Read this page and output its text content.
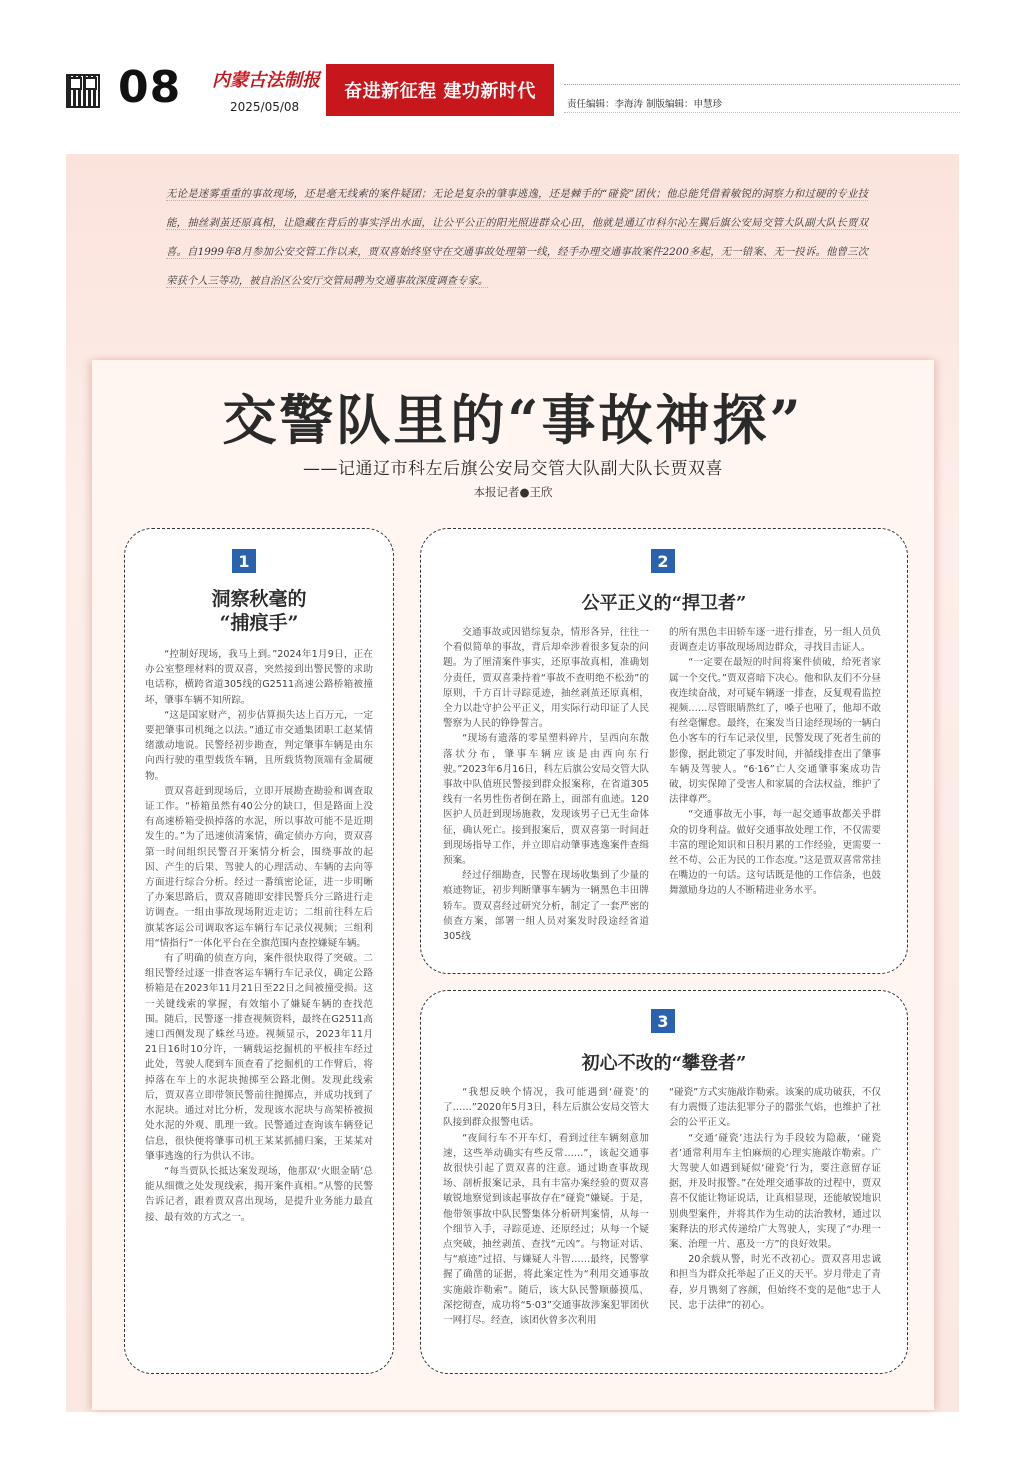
08 内蒙古法制报
2025/05/08
奋进新征程 建功新时代
责任编辑：李海涛 制版编辑：申慧珍
无论是迷雾重重的事故现场，还是毫无线索的案件疑团；无论是复杂的肇事逃逸，还是棘手的“碰瓷”团伙；他总能凭借着敏锐的洞察力和过硬的专业技能，抽丝剥茧还原真相，让隐藏在背后的事实浮出水面，让公平公正的阳光照进群众心田，他就是通辽市科尔沁左翼后旗公安局交管大队副大队长贾双喜。自1999年8月参加公安交管工作以来，贾双喜始终坚守在交通事故处理第一线，经手办理交通事故案件2200多起，无一错案、无一投诉。他曾三次荣获个人三等功，被自治区公安厅交管局聘为交通事故深度调查专家。
交警队里的“事故神探”
——记通辽市科左后旗公安局交管大队副大队长贾双喜
本报记者●王欣
1
洞察秋毫的
“捕痕手”

“控制好现场，我马上到。”2024年1月9日，正在办公室整理材料的贾双喜，突然接到出警民警的求助电话称，横跨省道305线的G2511高速公路桥箱被撞坏，肇事车辆不知所踪。

“这是国家财产，初步估算损失达上百万元，一定要把肇事司机绳之以法。”通辽市交通集团职工赵某情绪激动地说。民警经初步勘查，判定肇事车辆是由东向西行驶的重型载货车辆，且所载货物顶端有金属硬物。

贾双喜赶到现场后，立即开展勘查勘验和调查取证工作。“桥箱虽然有40公分的缺口，但是路面上没有高速桥箱受损掉落的水泥，所以事故可能不是近期发生的。”为了迅速侦清案情，确定侦办方向，贾双喜第一时间组织民警召开案情分析会，围绕事故的起因、产生的后果、驾驶人的心理活动、车辆的去向等方面进行综合分析。经过一番缜密论证，进一步明晰了办案思路后，贾双喜随即安排民警兵分三路进行走访调查。一组由事故现场附近走访；二组前往科左后旗某客运公司调取客运车辆行车记录仪视频；三组利用“情指行”一体化平台在全旗范围内查控嫌疑车辆。

有了明确的侦查方向，案件很快取得了突破。二组民警经过逐一排查客运车辆行车记录仪，确定公路桥箱是在2023年11月21日至22日之间被撞受损。这一关键线索的掌握，有效缩小了嫌疑车辆的查找范围。随后，民警逐一排查视频资料，最终在G2511高速口西侧发现了蛛丝马迹。视频显示，2023年11月21日16时10分许，一辆载运挖掘机的平板挂车经过此处，驾驶人爬到车顶查看了挖掘机的工作臂后，将掉落在车上的水泥块抛掷至公路北侧。发现此线索后，贾双喜立即带领民警前往抛掷点，并成功找到了水泥块。通过对比分析，发现该水泥块与高架桥被损处水泥的外观、肌理一致。民警通过查询该车辆登记信息，很快便将肇事司机王某某抓捕归案，王某某对肇事逃逸的行为供认不讳。

“每当贾队长抵达案发现场，他那双‘火眼金睛’总能从细微之处发现线索，揭开案件真相。”从警的民警告诉记者，跟着贾双喜出现场，是提升业务能力最直接、最有效的方式之一。

2
公平正义的“捍卫者”

交通事故或因错综复杂，情形各异，往往一个看似简单的事故，背后却牵涉着很多复杂的问题。为了厘清案件事实，还原事故真相，准确划分责任，贾双喜秉持着“事故不查明绝不松劲”的原则，千方百计寻踪觅迹，抽丝剥茧还原真相，全力以赴守护公平正义，用实际行动印证了人民警察为人民的铮铮誓言。

“现场有遗落的零星塑料碎片，呈西向东散落状分布，肇事车辆应该是由西向东行驶。”2023年6月16日，科左后旗公安局交管大队事故中队值班民警接到群众报案称，在省道305线有一名男性伤者倒在路上，面部有血迹。120医护人员赶到现场施救，发现该男子已无生命体征，确认死亡。接到报案后，贾双喜第一时间赶到现场指导工作，并立即启动肇事逃逸案件查缉预案。

经过仔细勘查，民警在现场收集到了少量的痕迹物证，初步判断肇事车辆为一辆黑色丰田牌轿车。贾双喜经过研究分析，制定了一套严密的侦查方案，部署一组人员对案发时段途经省道305线

的所有黑色丰田轿车逐一进行排查，另一组人员负责调查走访事故现场周边群众，寻找目击证人。

“一定要在最短的时间将案件侦破，给死者家属一个交代。”贾双喜暗下决心。他和队友们不分昼夜连续奋战，对可疑车辆逐一排查，反复观看监控视频……尽管眼睛熬红了，嗓子也哑了，他却不敢有丝毫懈怠。最终，在案发当日途经现场的一辆白色小客车的行车记录仪里，民警发现了死者生前的影像，据此锁定了事发时间，并循线排查出了肇事车辆及驾驶人。“6·16”亡人交通肇事案成功告破，切实保障了受害人和家属的合法权益，维护了法律尊严。

“交通事故无小事，每一起交通事故都关乎群众的切身利益。做好交通事故处理工作，不仅需要丰富的理论知识和日积月累的工作经验，更需要一丝不苟、公正为民的工作态度。”这是贾双喜常常挂在嘴边的一句话。这句话既是他的工作信条，也鼓舞激励身边的人不断精进业务水平。

3
初心不改的“攀登者”

“我想反映个情况，我可能遇到‘碰瓷’的了……”2020年5月3日，科左后旗公安局交管大队接到群众报警电话。

“夜间行车不开车灯，看到过往车辆刻意加速，这些举动确实有些反常……”，该起交通事故很快引起了贾双喜的注意。通过勘查事故现场、剖析报案记录，具有丰富办案经验的贾双喜敏锐地察觉到该起事故存在“碰瓷”嫌疑。于是，他带领事故中队民警集体分析研判案情，从每一个细节入手，寻踪觅迹、还原经过；从每一个疑点突破，抽丝剥茧、查找“元凶”。与物证对话、与“痕迹”过招、与嫌疑人斗智……最终，民警掌握了确凿的证据，将此案定性为“利用交通事故实施敲诈勒索”。随后，该大队民警顺藤摸瓜、深挖彻查，成功将“5·03”交通事故涉案犯罪团伙一网打尽。经查，该团伙曾多次利用

“碰瓷”方式实施敲诈勒索。该案的成功破获，不仅有力震慑了违法犯罪分子的嚣张气焰，也维护了社会的公平正义。

“交通‘碰瓷’违法行为手段较为隐蔽，‘碰瓷者’通常利用车主怕麻烦的心理实施敲诈勒索。广大驾驶人如遇到疑似‘碰瓷’行为，要注意留存证据，并及时报警。”在处理交通事故的过程中，贾双喜不仅能让物证说话，让真相显现，还能敏锐地识别典型案件，并将其作为生动的法治教材，通过以案释法的形式传递给广大驾驶人，实现了“办理一案、治理一片、惠及一方”的良好效果。

20余载从警，时光不改初心。贾双喜用忠诚和担当为群众托举起了正义的天平。岁月带走了青春，岁月镌刻了容颜，但始终不变的是他“忠于人民、忠于法律”的初心。
